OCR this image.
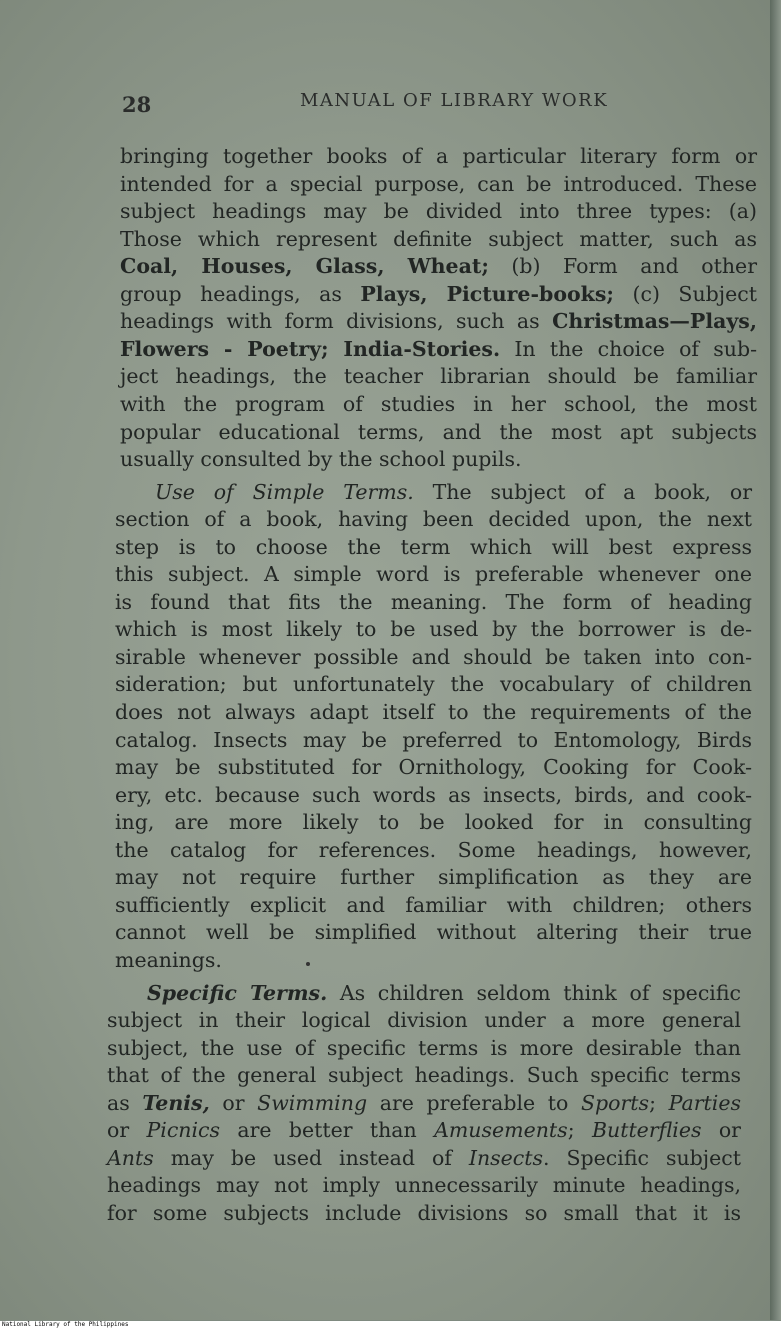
28	MANUAL OF LIBRARY WORK
bringing together books of a particular literary form or
intended for a special purpose, can be introduced. These
subject headings may be divided into three types: (a)
Those which represent definite subject matter, such as
Coal, Houses, Glass, Wheat; (b) Form and other
group headings, as Plays, Picture-books; (c) Subject
headings with form divisions, such as Christmas—Plays,
Flowers - Poetry; India-Stories. In the choice of sub-
ject headings, the teacher librarian should be familiar
with the program of studies in her school, the most
popular educational terms, and the most apt subjects
usually consulted by the school pupils.
Use of Simple Terms. The subject of a book, or
section of a book, having been decided upon, the next
step is to choose the term which will best express
this subject. A simple word is preferable whenever one
is found that fits the meaning. The form of heading
which is most likely to be used by the borrower is de-
sirable whenever possible and should be taken into con-
sideration; but unfortunately the vocabulary of children
does not always adapt itself to the requirements of the
catalog. Insects may be preferred to Entomology, Birds
may be substituted for Ornithology, Cooking for Cook-
ery, etc. because such words as insects, birds, and cook-
ing, are more likely to be looked for in consulting
the catalog for references. Some headings, however,
may not require further simplification as they are
sufficiently explicit and familiar with children; others
cannot well be simplified without altering their true
meanings.
Specific Terms. As children seldom think of specific
subject in their logical division under a more general
subject, the use of specific terms is more desirable than
that of the general subject headings. Such specific terms
as Tenis, or Swimming are preferable to Sports; Parties
or Picnics are better than Amusements; Butterflies or
Ants may be used instead of Insects. Specific subject
headings may not imply unnecessarily minute headings,
for some subjects include divisions so small that it is
National Library of the Philippines
